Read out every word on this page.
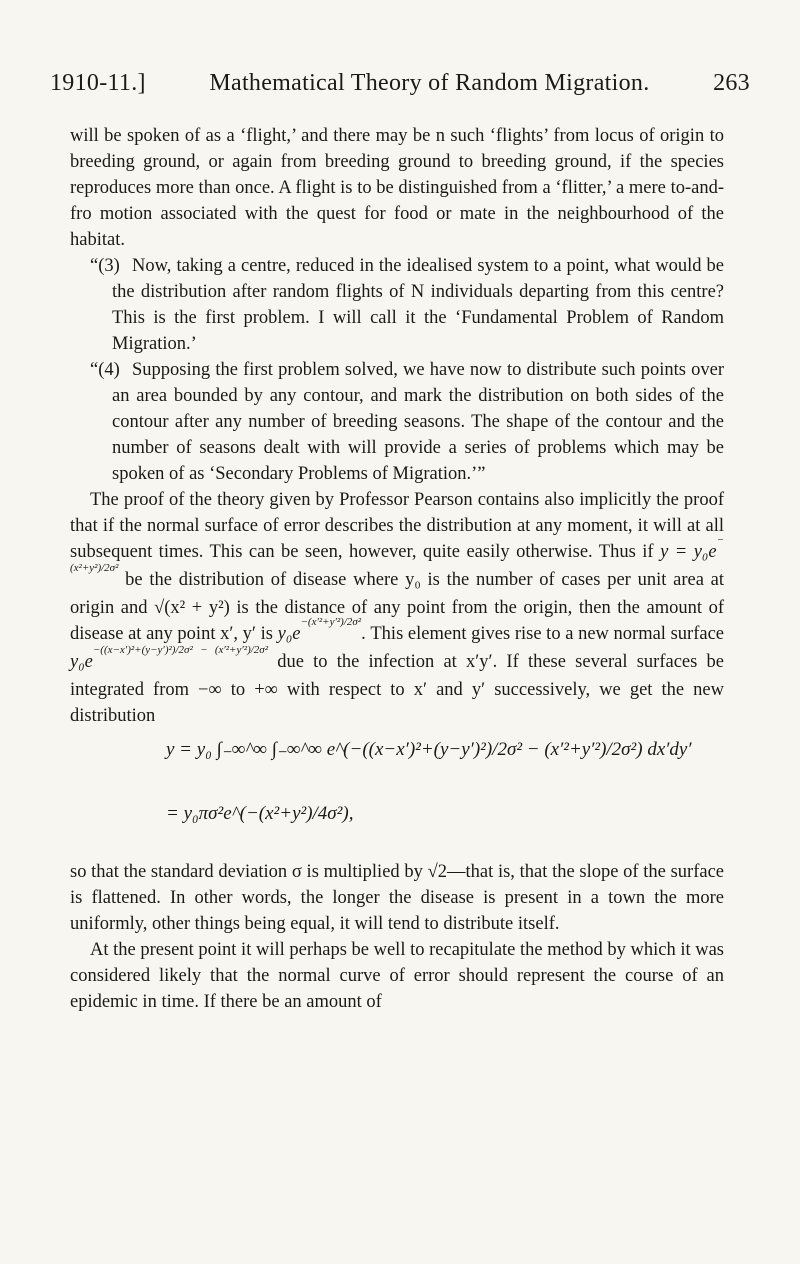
1910-11.]	Mathematical Theory of Random Migration.	263

will be spoken of as a ‘flight,’ and there may be n such ‘flights’ from locus of origin to breeding ground, or again from breeding ground to breeding ground, if the species reproduces more than once. A flight is to be distinguished from a ‘flitter,’ a mere to-and-fro motion associated with the quest for food or mate in the neighbourhood of the habitat.

“(3) Now, taking a centre, reduced in the idealised system to a point, what would be the distribution after random flights of N individuals departing from this centre? This is the first problem. I will call it the ‘Fundamental Problem of Random Migration.’

“(4) Supposing the first problem solved, we have now to distribute such points over an area bounded by any contour, and mark the distribution on both sides of the contour after any number of breeding seasons. The shape of the contour and the number of seasons dealt with will provide a series of problems which may be spoken of as ‘Secondary Problems of Migration.’”

The proof of the theory given by Professor Pearson contains also implicitly the proof that if the normal surface of error describes the distribution at any moment, it will at all subsequent times. This can be seen, however, quite easily otherwise. Thus if $y = y_0e^{-(x^2+y^2)/2\sigma^2}$ be the distribution of disease where y₀ is the number of cases per unit area at origin and √(x² + y²) is the distance of any point from the origin, then the amount of disease at any point x′, y′ is $y_0e^{-(x'^2+y'^2)/2\sigma^2}$. This element gives rise to a new normal surface $y_0e^{-((x-x')^2+(y-y')^2)/2\sigma^2 - (x'^2+y'^2)/2\sigma^2}$ due to the infection at x′y′. If these several surfaces be integrated from −∞ to +∞ with respect to x′ and y′ successively, we get the new distribution

y = y₀ ∫₋∞^∞ ∫₋∞^∞ e^(−((x−x′)²+(y−y′)²)/2σ² − (x′²+y′²)/2σ²) dx′dy′
= y₀πσ²e^(−(x²+y²)/4σ²),

so that the standard deviation σ is multiplied by √2—that is, that the slope of the surface is flattened. In other words, the longer the disease is present in a town the more uniformly, other things being equal, it will tend to distribute itself.

At the present point it will perhaps be well to recapitulate the method by which it was considered likely that the normal curve of error should represent the course of an epidemic in time. If there be an amount of
